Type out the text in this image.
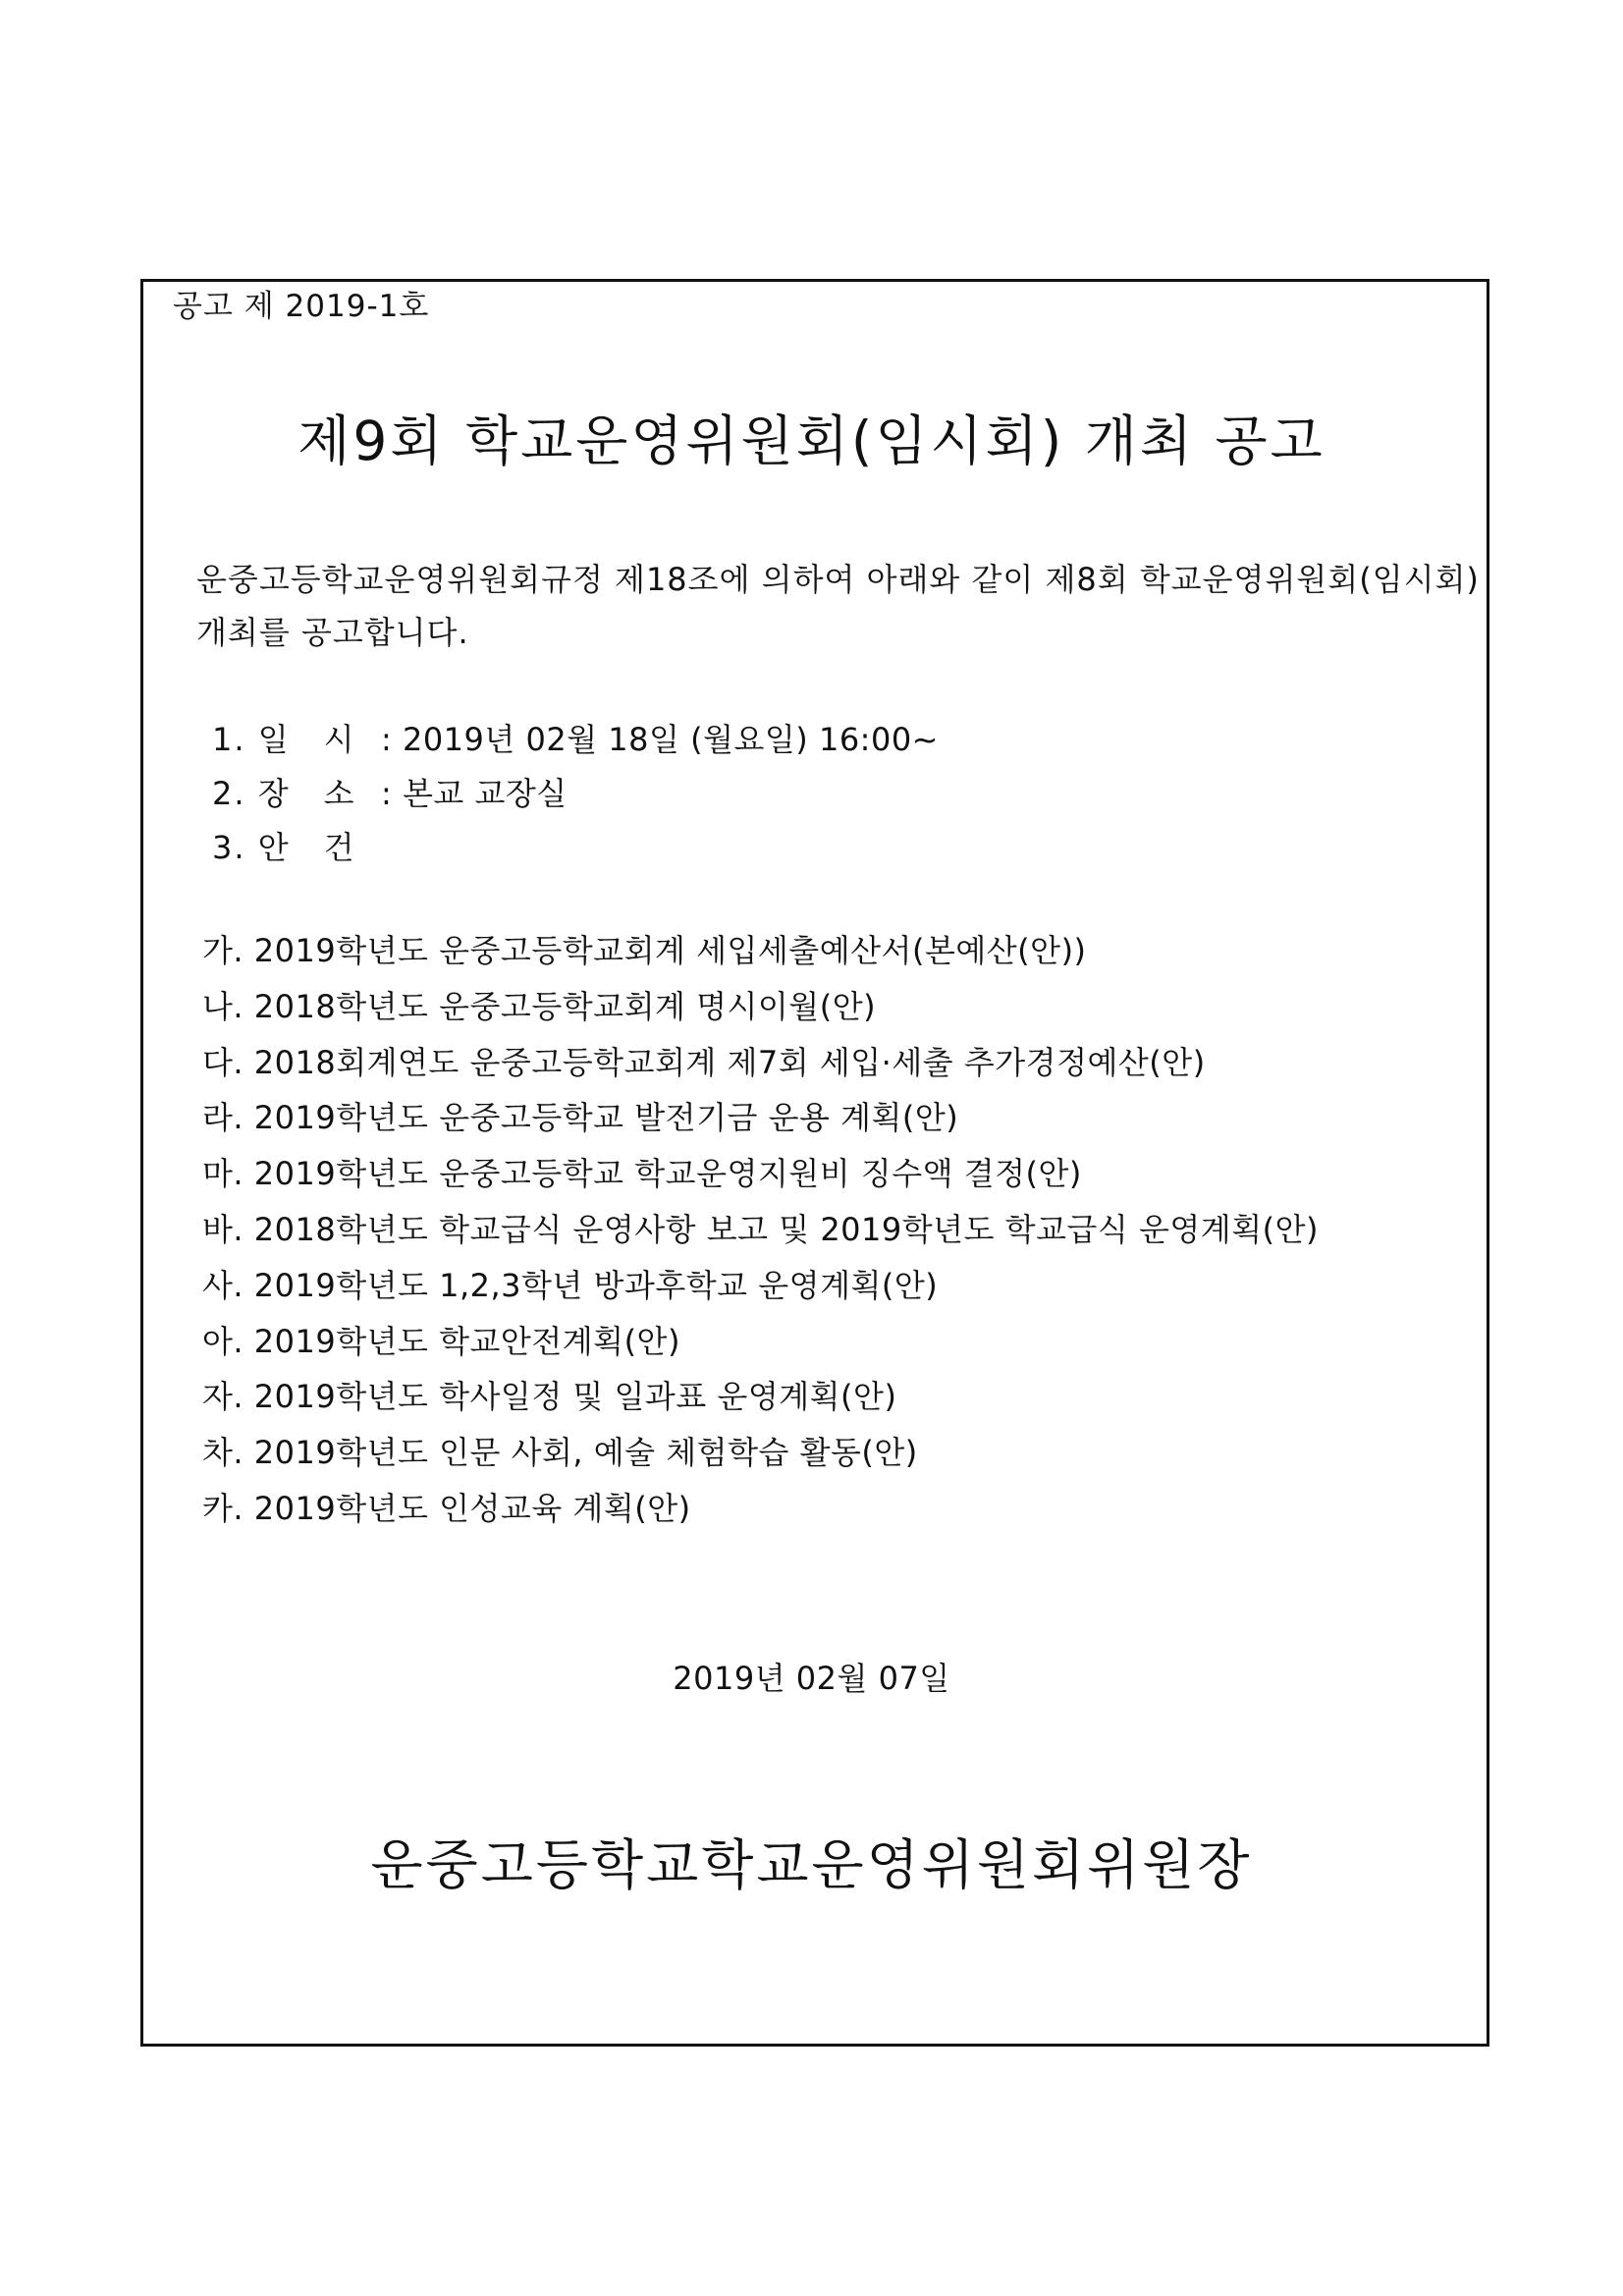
공고 제 2019-1호
제9회 학교운영위원회(임시회) 개최 공고
운중고등학교운영위원회규정 제18조에 의하여 아래와 같이 제8회 학교운영위원회(임시회) 개최를 공고합니다.
1. 일　시 : 2019년 02월 18일 (월요일) 16:00~
2. 장　소 : 본교 교장실
3. 안　건
가. 2019학년도 운중고등학교회계 세입세출예산서(본예산(안))
나. 2018학년도 운중고등학교회계 명시이월(안)
다. 2018회계연도 운중고등학교회계 제7회 세입·세출 추가경정예산(안)
라. 2019학년도 운중고등학교 발전기금 운용 계획(안)
마. 2019학년도 운중고등학교 학교운영지원비 징수액 결정(안)
바. 2018학년도 학교급식 운영사항 보고 및 2019학년도 학교급식 운영계획(안)
사. 2019학년도 1,2,3학년 방과후학교 운영계획(안)
아. 2019학년도 학교안전계획(안)
자. 2019학년도 학사일정 및 일과표 운영계획(안)
차. 2019학년도 인문 사회, 예술 체험학습 활동(안)
카. 2019학년도 인성교육 계획(안)
2019년 02월 07일
운중고등학교학교운영위원회위원장
